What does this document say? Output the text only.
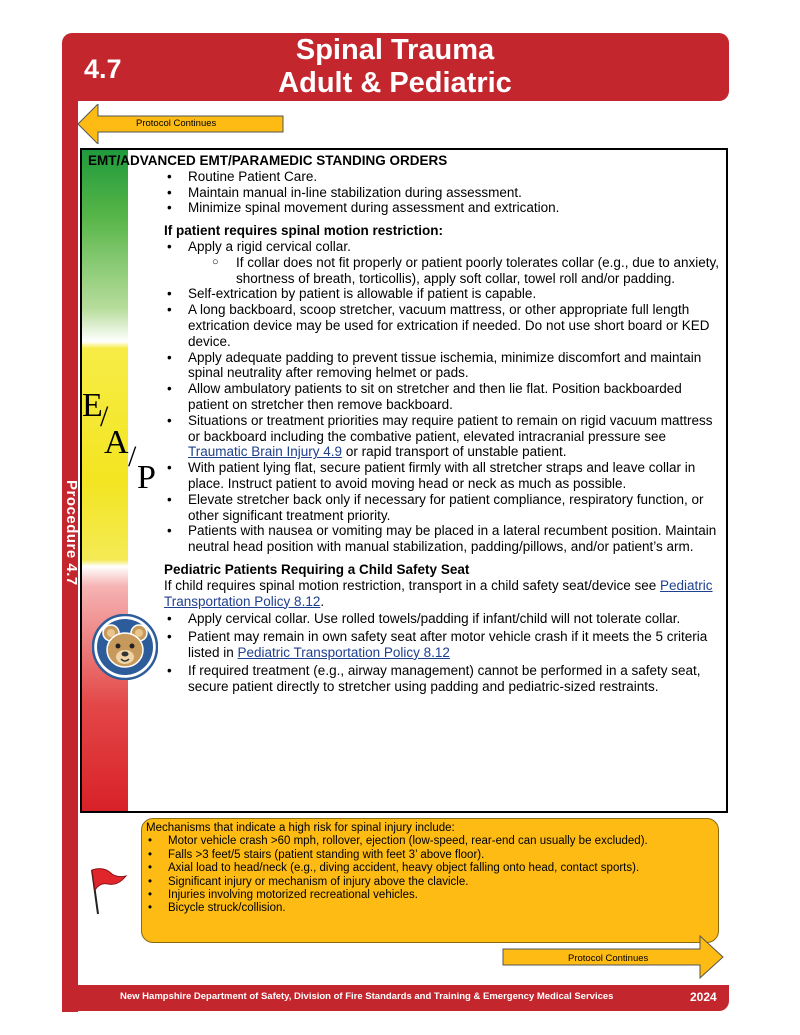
4.7
Spinal Trauma
Adult & Pediatric
Procedure 4.7
Protocol Continues
E
/
A /
P
EMT/ADVANCED EMT/PARAMEDIC STANDING ORDERS
• Routine Patient Care.
• Maintain manual in-line stabilization during assessment.
• Minimize spinal movement during assessment and extrication.
If patient requires spinal motion restriction:
• Apply a rigid cervical collar.
○ If collar does not fit properly or patient poorly tolerates collar (e.g., due to anxiety, shortness of breath, torticollis), apply soft collar, towel roll and/or padding.
• Self-extrication by patient is allowable if patient is capable.
• A long backboard, scoop stretcher, vacuum mattress, or other appropriate full length extrication device may be used for extrication if needed. Do not use short board or KED device.
• Apply adequate padding to prevent tissue ischemia, minimize discomfort and maintain spinal neutrality after removing helmet or pads.
• Allow ambulatory patients to sit on stretcher and then lie flat. Position backboarded patient on stretcher then remove backboard.
• Situations or treatment priorities may require patient to remain on rigid vacuum mattress or backboard including the combative patient, elevated intracranial pressure see Traumatic Brain Injury 4.9 or rapid transport of unstable patient.
• With patient lying flat, secure patient firmly with all stretcher straps and leave collar in place. Instruct patient to avoid moving head or neck as much as possible.
• Elevate stretcher back only if necessary for patient compliance, respiratory function, or other significant treatment priority.
• Patients with nausea or vomiting may be placed in a lateral recumbent position. Maintain neutral head position with manual stabilization, padding/pillows, and/or patient’s arm.
Pediatric Patients Requiring a Child Safety Seat
If child requires spinal motion restriction, transport in a child safety seat/device see Pediatric Transportation Policy 8.12.
• Apply cervical collar. Use rolled towels/padding if infant/child will not tolerate collar.
• Patient may remain in own safety seat after motor vehicle crash if it meets the 5 criteria listed in Pediatric Transportation Policy 8.12
• If required treatment (e.g., airway management) cannot be performed in a safety seat, secure patient directly to stretcher using padding and pediatric-sized restraints.
Mechanisms that indicate a high risk for spinal injury include:
• Motor vehicle crash >60 mph, rollover, ejection (low-speed, rear-end can usually be excluded).
• Falls >3 feet/5 stairs (patient standing with feet 3’ above floor).
• Axial load to head/neck (e.g., diving accident, heavy object falling onto head, contact sports).
• Significant injury or mechanism of injury above the clavicle.
• Injuries involving motorized recreational vehicles.
• Bicycle struck/collision.
Protocol Continues
New Hampshire Department of Safety, Division of Fire Standards and Training & Emergency Medical Services	2024
